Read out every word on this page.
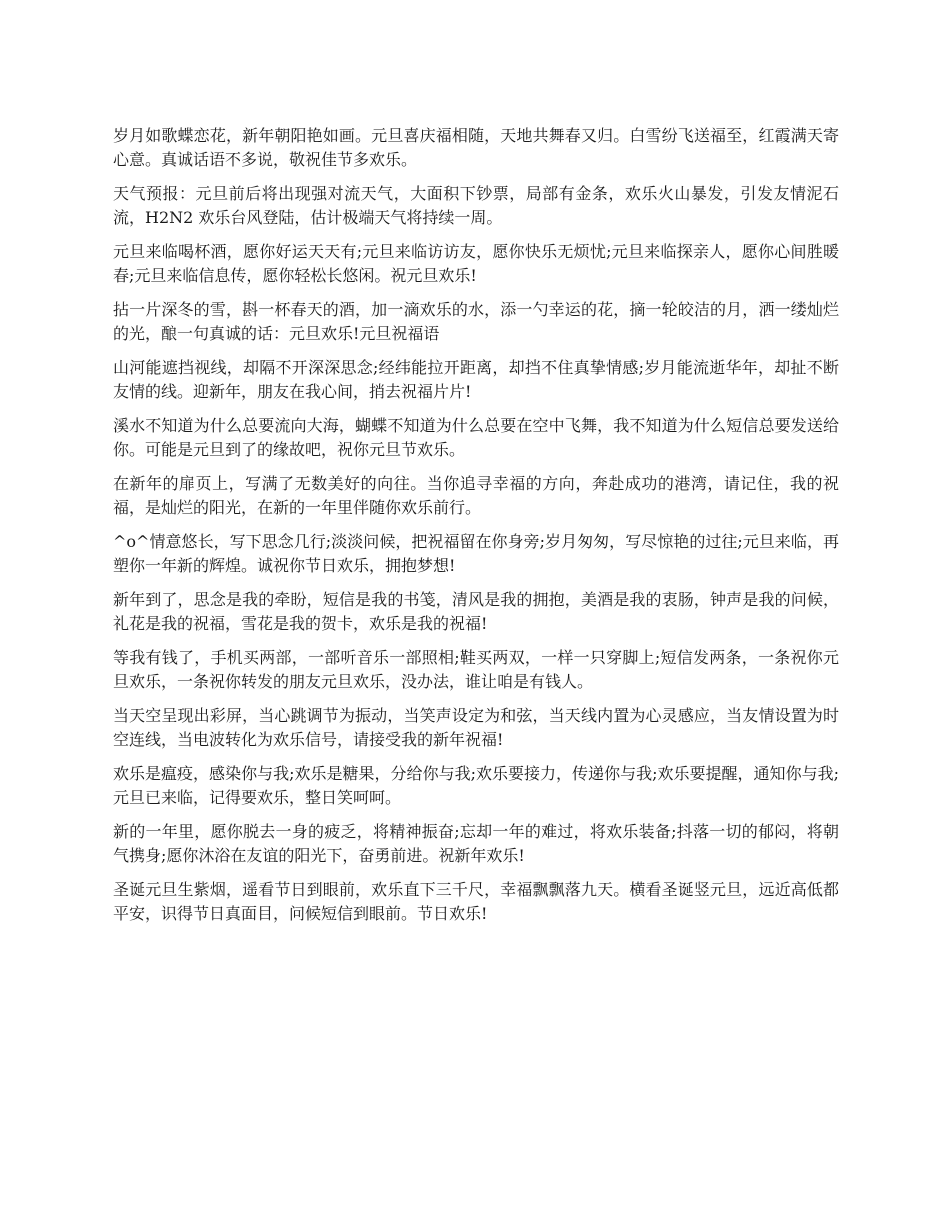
岁月如歌蝶恋花，新年朝阳艳如画。元旦喜庆福相随，天地共舞春又归。白雪纷飞送福至，红霞满天寄心意。真诚话语不多说，敬祝佳节多欢乐。

天气预报：元旦前后将出现强对流天气，大面积下钞票，局部有金条，欢乐火山暴发，引发友情泥石流，H2N2 欢乐台风登陆，估计极端天气将持续一周。

元旦来临喝杯酒，愿你好运天天有;元旦来临访访友，愿你快乐无烦忧;元旦来临探亲人，愿你心间胜暖春;元旦来临信息传，愿你轻松长悠闲。祝元旦欢乐!

拈一片深冬的雪，斟一杯春天的酒，加一滴欢乐的水，添一勺幸运的花，摘一轮皎洁的月，洒一缕灿烂的光，酿一句真诚的话：元旦欢乐!元旦祝福语

山河能遮挡视线，却隔不开深深思念;经纬能拉开距离，却挡不住真挚情感;岁月能流逝华年，却扯不断友情的线。迎新年，朋友在我心间，捎去祝福片片!

溪水不知道为什么总要流向大海，蝴蝶不知道为什么总要在空中飞舞，我不知道为什么短信总要发送给你。可能是元旦到了的缘故吧，祝你元旦节欢乐。

在新年的扉页上，写满了无数美好的向往。当你追寻幸福的方向，奔赴成功的港湾，请记住，我的祝福，是灿烂的阳光，在新的一年里伴随你欢乐前行。

^o^情意悠长，写下思念几行;淡淡问候，把祝福留在你身旁;岁月匆匆，写尽惊艳的过往;元旦来临，再塑你一年新的辉煌。诚祝你节日欢乐，拥抱梦想!

新年到了，思念是我的牵盼，短信是我的书笺，清风是我的拥抱，美酒是我的衷肠，钟声是我的问候，礼花是我的祝福，雪花是我的贺卡，欢乐是我的祝福!

等我有钱了，手机买两部，一部听音乐一部照相;鞋买两双，一样一只穿脚上;短信发两条，一条祝你元旦欢乐，一条祝你转发的朋友元旦欢乐，没办法，谁让咱是有钱人。

当天空呈现出彩屏，当心跳调节为振动，当笑声设定为和弦，当天线内置为心灵感应，当友情设置为时空连线，当电波转化为欢乐信号，请接受我的新年祝福!

欢乐是瘟疫，感染你与我;欢乐是糖果，分给你与我;欢乐要接力，传递你与我;欢乐要提醒，通知你与我;元旦已来临，记得要欢乐，整日笑呵呵。

新的一年里，愿你脱去一身的疲乏，将精神振奋;忘却一年的难过，将欢乐装备;抖落一切的郁闷，将朝气携身;愿你沐浴在友谊的阳光下，奋勇前进。祝新年欢乐!

圣诞元旦生紫烟，遥看节日到眼前，欢乐直下三千尺，幸福飘飘落九天。横看圣诞竖元旦，远近高低都平安，识得节日真面目，问候短信到眼前。节日欢乐!
